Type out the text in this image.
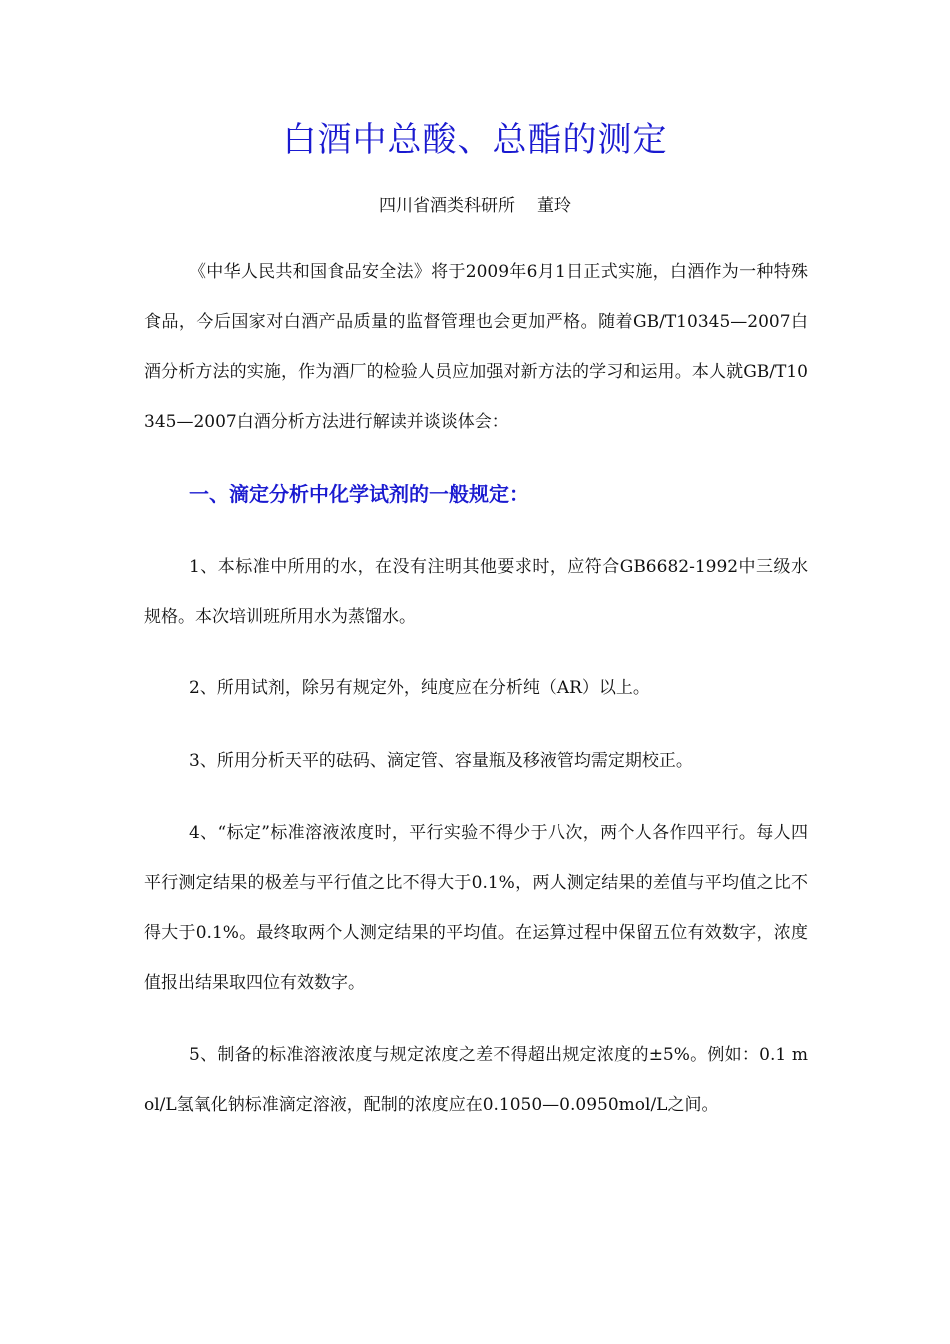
白酒中总酸、总酯的测定

四川省酒类科研所 董玲

《中华人民共和国食品安全法》将于2009年6月1日正式实施，白酒作为一种特殊食品，今后国家对白酒产品质量的监督管理也会更加严格。随着GB/T10345—2007白酒分析方法的实施，作为酒厂的检验人员应加强对新方法的学习和运用。本人就GB/T10345—2007白酒分析方法进行解读并谈谈体会：

一、滴定分析中化学试剂的一般规定：

1、本标准中所用的水，在没有注明其他要求时，应符合GB6682-1992中三级水规格。本次培训班所用水为蒸馏水。

2、所用试剂，除另有规定外，纯度应在分析纯（AR）以上。

3、所用分析天平的砝码、滴定管、容量瓶及移液管均需定期校正。

4、“标定”标准溶液浓度时，平行实验不得少于八次，两个人各作四平行。每人四平行测定结果的极差与平行值之比不得大于0.1%，两人测定结果的差值与平均值之比不得大于0.1%。最终取两个人测定结果的平均值。在运算过程中保留五位有效数字，浓度值报出结果取四位有效数字。

5、制备的标准溶液浓度与规定浓度之差不得超出规定浓度的±5%。例如：0.1 mol/L氢氧化钠标准滴定溶液，配制的浓度应在0.1050—0.0950mol/L之间。
